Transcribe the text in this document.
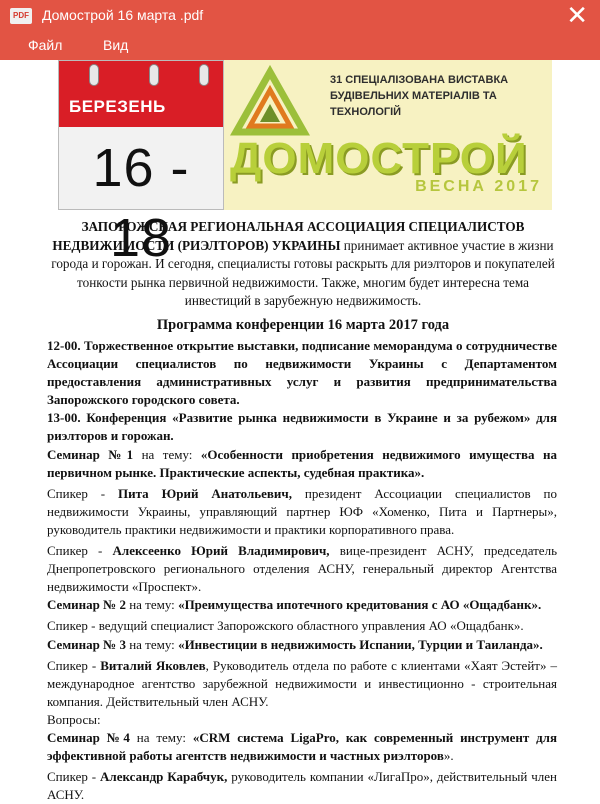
PDF Домострой 16 марта .pdf	✕
Файл	Вид
БЕРЕЗЕНЬ
16 - 18
31 СПЕЦІАЛІЗОВАНА ВИСТАВКА
БУДІВЕЛЬНИХ МАТЕРІАЛІВ ТА ТЕХНОЛОГІЙ
ДОМОСТРОЙ
ВЕСНА 2017
ЗАПОРОЖСКАЯ РЕГИОНАЛЬНАЯ АССОЦИАЦИЯ СПЕЦИАЛИСТОВ НЕДВИЖИМОСТИ (РИЭЛТОРОВ) УКРАИНЫ принимает активное участие в жизни города и горожан. И сегодня, специалисты готовы раскрыть для риэлторов и покупателей тонкости рынка первичной недвижимости. Также, многим будет интересна тема инвестиций в зарубежную недвижимость.
Программа конференции 16 марта 2017 года

12-00. Торжественное открытие выставки, подписание меморандума о сотрудничестве Ассоциации специалистов по недвижимости Украины с Департаментом предоставления административных услуг и развития предпринимательства Запорожского городского совета.

13-00. Конференция «Развитие рынка недвижимости в Украине и за рубежом» для риэлторов и горожан.

Семинар №1 на тему: «Особенности приобретения недвижимого имущества на первичном рынке. Практические аспекты, судебная практика».

Спикер - Пита Юрий Анатольевич, президент Ассоциации специалистов по недвижимости Украины, управляющий партнер ЮФ «Хоменко, Пита и Партнеры», руководитель практики недвижимости и практики корпоративного права.

Спикер - Алексеенко Юрий Владимирович, вице-президент АСНУ, председатель Днепропетровского регионального отделения АСНУ, генеральный директор Агентства недвижимости «Проспект».

Семинар № 2 на тему: «Преимущества ипотечного кредитования с АО «Ощадбанк».

Спикер - ведущий специалист Запорожского областного управления АО «Ощадбанк».

Семинар № 3 на тему: «Инвестиции в недвижимость Испании, Турции и Таиланда».

Спикер - Виталий Яковлев, Руководитель отдела по работе с клиентами «Хаят Эстейт» – международное агентство зарубежной недвижимости и инвестиционно - строительная компания. Действительный член АСНУ.

Вопросы:

Семинар №4 на тему: «CRM система LigaPro, как современный инструмент для эффективной работы агентств недвижимости и частных риэлторов».

Спикер - Александр Карабчук, руководитель компании «ЛигаПро», действительный член АСНУ.
